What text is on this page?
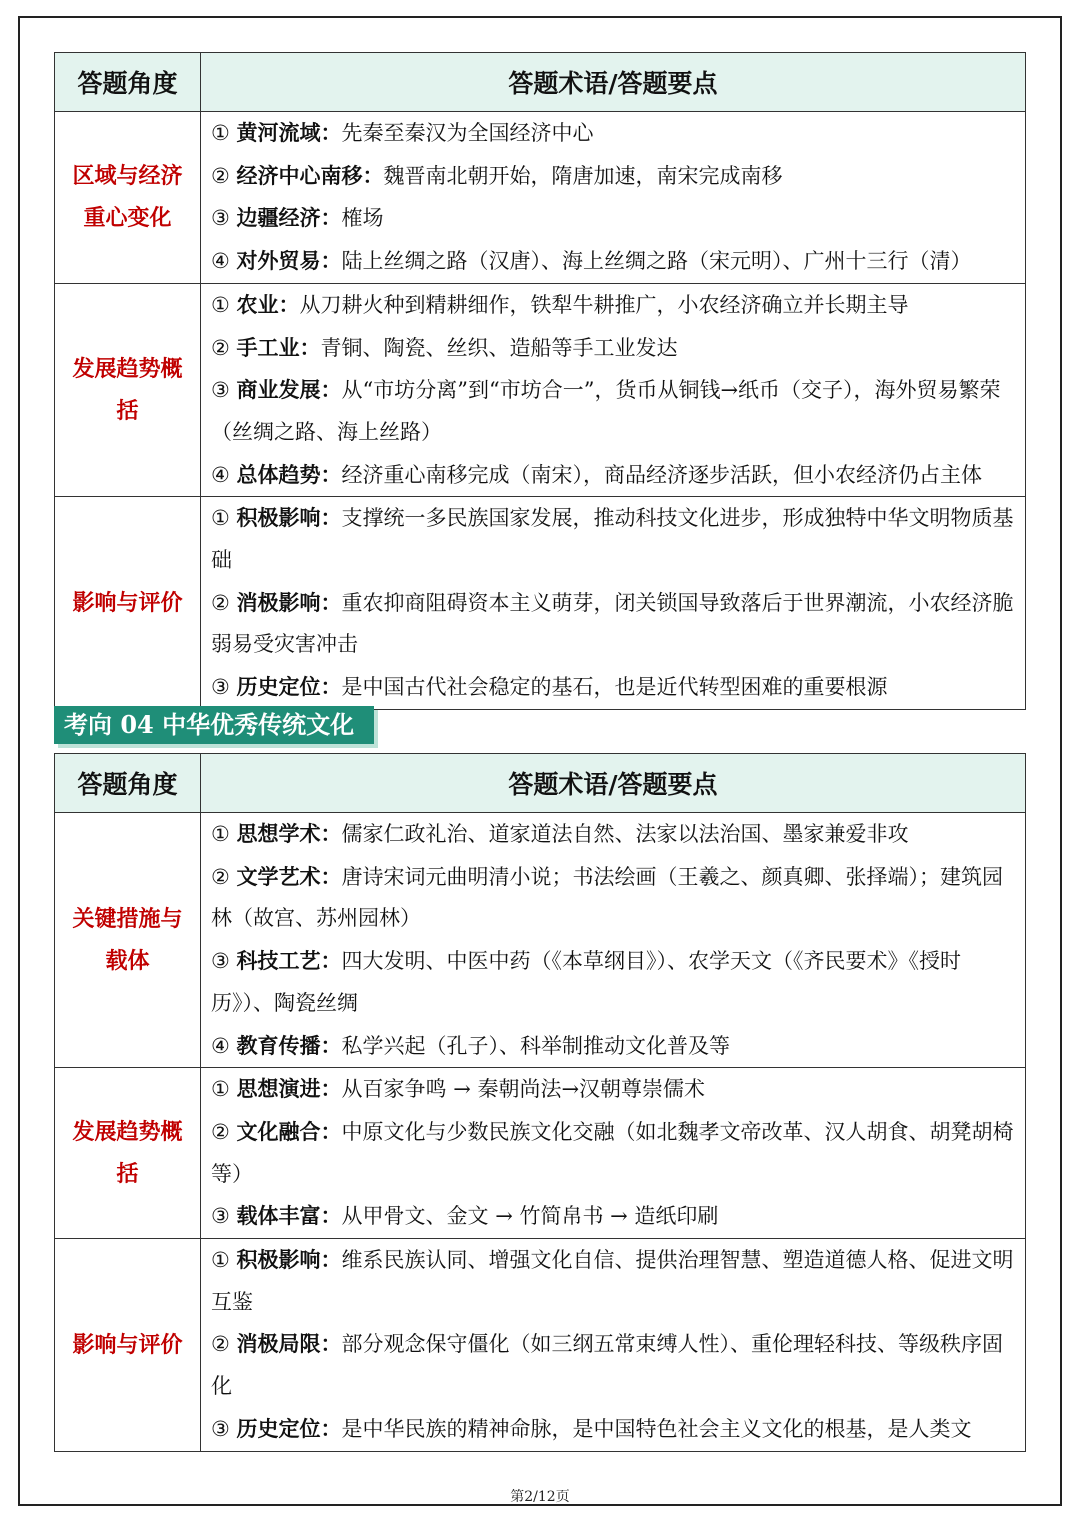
答题角度	答题术语/答题要点
区域与经济重心变化	① 黄河流域：先秦至秦汉为全国经济中心
② 经济中心南移：魏晋南北朝开始，隋唐加速，南宋完成南移
③ 边疆经济：榷场
④ 对外贸易：陆上丝绸之路（汉唐）、海上丝绸之路（宋元明）、广州十三行（清）

发展趋势概括	① 农业：从刀耕火种到精耕细作，铁犁牛耕推广，小农经济确立并长期主导
② 手工业：青铜、陶瓷、丝织、造船等手工业发达
③ 商业发展：从“市坊分离”到“市坊合一”，货币从铜钱→纸币（交子），海外贸易繁荣（丝绸之路、海上丝路）
④ 总体趋势：经济重心南移完成（南宋），商品经济逐步活跃，但小农经济仍占主体

影响与评价	① 积极影响：支撑统一多民族国家发展，推动科技文化进步，形成独特中华文明物质基础
② 消极影响：重农抑商阻碍资本主义萌芽，闭关锁国导致落后于世界潮流，小农经济脆弱易受灾害冲击
③ 历史定位：是中国古代社会稳定的基石，也是近代转型困难的重要根源
考向 04 中华优秀传统文化
答题角度	答题术语/答题要点
关键措施与载体	① 思想学术：儒家仁政礼治、道家道法自然、法家以法治国、墨家兼爱非攻
② 文学艺术：唐诗宋词元曲明清小说；书法绘画（王羲之、颜真卿、张择端）；建筑园林（故宫、苏州园林）
③ 科技工艺：四大发明、中医中药（《本草纲目》）、农学天文（《齐民要术》《授时历》）、陶瓷丝绸
④ 教育传播：私学兴起（孔子）、科举制推动文化普及等

发展趋势概括	① 思想演进：从百家争鸣 → 秦朝尚法→汉朝尊崇儒术
② 文化融合：中原文化与少数民族文化交融（如北魏孝文帝改革、汉人胡食、胡凳胡椅等）
③ 载体丰富：从甲骨文、金文 → 竹简帛书 → 造纸印刷

影响与评价	① 积极影响：维系民族认同、增强文化自信、提供治理智慧、塑造道德人格、促进文明互鉴
② 消极局限：部分观念保守僵化（如三纲五常束缚人性）、重伦理轻科技、等级秩序固化
③ 历史定位：是中华民族的精神命脉，是中国特色社会主义文化的根基，是人类文
第2/12页
